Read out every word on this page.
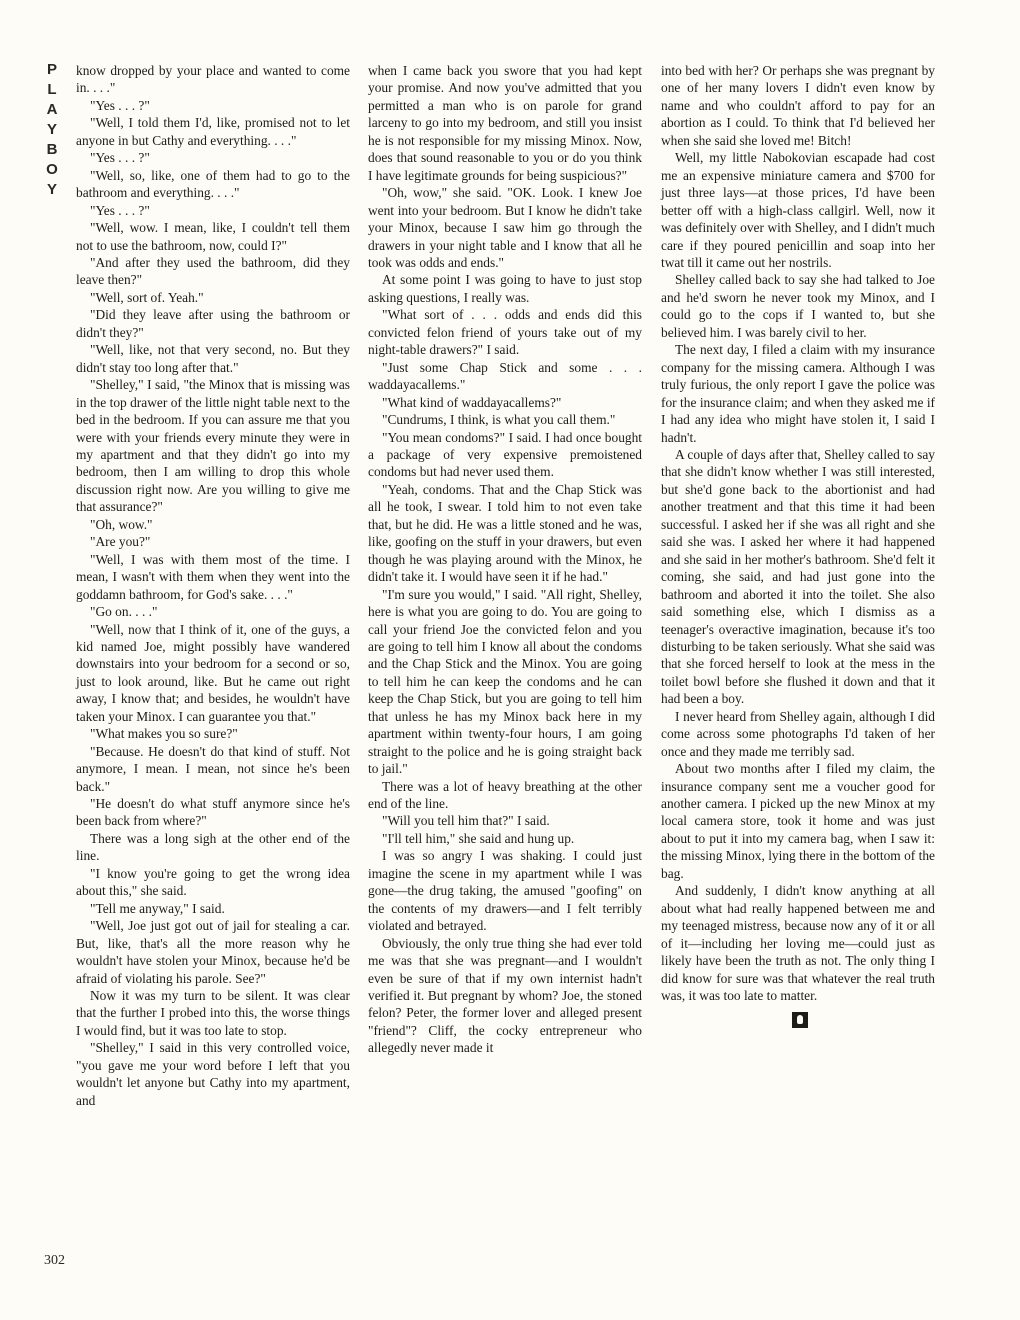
P
L
A
Y
B
O
Y
302

know dropped by your place and wanted to come in. . . ."

"Yes . . . ?"

"Well, I told them I'd, like, promised not to let anyone in but Cathy and everything. . . ."

"Yes . . . ?"

"Well, so, like, one of them had to go to the bathroom and everything. . . ."

"Yes . . . ?"

"Well, wow. I mean, like, I couldn't tell them not to use the bathroom, now, could I?"

"And after they used the bathroom, did they leave then?"

"Well, sort of. Yeah."

"Did they leave after using the bathroom or didn't they?"

"Well, like, not that very second, no. But they didn't stay too long after that."

"Shelley," I said, "the Minox that is missing was in the top drawer of the little night table next to the bed in the bedroom. If you can assure me that you were with your friends every minute they were in my apartment and that they didn't go into my bedroom, then I am willing to drop this whole discussion right now. Are you willing to give me that assurance?"

"Oh, wow."

"Are you?"

"Well, I was with them most of the time. I mean, I wasn't with them when they went into the goddamn bathroom, for God's sake. . . ."

"Go on. . . ."

"Well, now that I think of it, one of the guys, a kid named Joe, might possibly have wandered downstairs into your bedroom for a second or so, just to look around, like. But he came out right away, I know that; and besides, he wouldn't have taken your Minox. I can guarantee you that."

"What makes you so sure?"

"Because. He doesn't do that kind of stuff. Not anymore, I mean. I mean, not since he's been back."

"He doesn't do what stuff anymore since he's been back from where?"

There was a long sigh at the other end of the line.

"I know you're going to get the wrong idea about this," she said.

"Tell me anyway," I said.

"Well, Joe just got out of jail for stealing a car. But, like, that's all the more reason why he wouldn't have stolen your Minox, because he'd be afraid of violating his parole. See?"

Now it was my turn to be silent. It was clear that the further I probed into this, the worse things I would find, but it was too late to stop.

"Shelley," I said in this very controlled voice, "you gave me your word before I left that you wouldn't let anyone but Cathy into my apartment, and

when I came back you swore that you had kept your promise. And now you've admitted that you permitted a man who is on parole for grand larceny to go into my bedroom, and still you insist he is not responsible for my missing Minox. Now, does that sound reasonable to you or do you think I have legitimate grounds for being suspicious?"

"Oh, wow," she said. "OK. Look. I knew Joe went into your bedroom. But I know he didn't take your Minox, because I saw him go through the drawers in your night table and I know that all he took was odds and ends."

At some point I was going to have to just stop asking questions, I really was.

"What sort of . . . odds and ends did this convicted felon friend of yours take out of my night-table drawers?" I said.

"Just some Chap Stick and some . . . waddayacallems."

"What kind of waddayacallems?"

"Cundrums, I think, is what you call them."

"You mean condoms?" I said. I had once bought a package of very expensive premoistened condoms but had never used them.

"Yeah, condoms. That and the Chap Stick was all he took, I swear. I told him to not even take that, but he did. He was a little stoned and he was, like, goofing on the stuff in your drawers, but even though he was playing around with the Minox, he didn't take it. I would have seen it if he had."

"I'm sure you would," I said. "All right, Shelley, here is what you are going to do. You are going to call your friend Joe the convicted felon and you are going to tell him I know all about the condoms and the Chap Stick and the Minox. You are going to tell him he can keep the condoms and he can keep the Chap Stick, but you are going to tell him that unless he has my Minox back here in my apartment within twenty-four hours, I am going straight to the police and he is going straight back to jail."

There was a lot of heavy breathing at the other end of the line.

"Will you tell him that?" I said.

"I'll tell him," she said and hung up.

I was so angry I was shaking. I could just imagine the scene in my apartment while I was gone—the drug taking, the amused "goofing" on the contents of my drawers—and I felt terribly violated and betrayed.

Obviously, the only true thing she had ever told me was that she was pregnant—and I wouldn't even be sure of that if my own internist hadn't verified it. But pregnant by whom? Joe, the stoned felon? Peter, the former lover and alleged present "friend"? Cliff, the cocky entrepreneur who allegedly never made it

into bed with her? Or perhaps she was pregnant by one of her many lovers I didn't even know by name and who couldn't afford to pay for an abortion as I could. To think that I'd believed her when she said she loved me! Bitch!

Well, my little Nabokovian escapade had cost me an expensive miniature camera and $700 for just three lays—at those prices, I'd have been better off with a high-class callgirl. Well, now it was definitely over with Shelley, and I didn't much care if they poured penicillin and soap into her twat till it came out her nostrils.

Shelley called back to say she had talked to Joe and he'd sworn he never took my Minox, and I could go to the cops if I wanted to, but she believed him. I was barely civil to her.

The next day, I filed a claim with my insurance company for the missing camera. Although I was truly furious, the only report I gave the police was for the insurance claim; and when they asked me if I had any idea who might have stolen it, I said I hadn't.

A couple of days after that, Shelley called to say that she didn't know whether I was still interested, but she'd gone back to the abortionist and had another treatment and that this time it had been successful. I asked her if she was all right and she said she was. I asked her where it had happened and she said in her mother's bathroom. She'd felt it coming, she said, and had just gone into the bathroom and aborted it into the toilet. She also said something else, which I dismiss as a teenager's overactive imagination, because it's too disturbing to be taken seriously. What she said was that she forced herself to look at the mess in the toilet bowl before she flushed it down and that it had been a boy.

I never heard from Shelley again, although I did come across some photographs I'd taken of her once and they made me terribly sad.

About two months after I filed my claim, the insurance company sent me a voucher good for another camera. I picked up the new Minox at my local camera store, took it home and was just about to put it into my camera bag, when I saw it: the missing Minox, lying there in the bottom of the bag.

And suddenly, I didn't know anything at all about what had really happened between me and my teenaged mistress, because now any of it or all of it—including her loving me—could just as likely have been the truth as not. The only thing I did know for sure was that whatever the real truth was, it was too late to matter.
